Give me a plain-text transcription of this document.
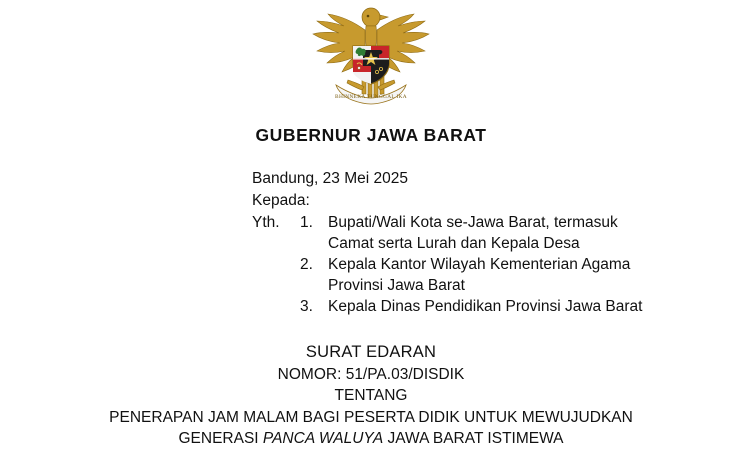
BHINNEKA TUNGGAL IKA
GUBERNUR JAWA BARAT
Bandung, 23 Mei 2025
Kepada:
Yth.	1. Bupati/Wali Kota se-Jawa Barat, termasuk
Camat serta Lurah dan Kepala Desa
2. Kepala Kantor Wilayah Kementerian Agama
Provinsi Jawa Barat
3. Kepala Dinas Pendidikan Provinsi Jawa Barat
SURAT EDARAN
NOMOR: 51/PA.03/DISDIK
TENTANG
PENERAPAN JAM MALAM BAGI PESERTA DIDIK UNTUK MEWUJUDKAN
GENERASI PANCA WALUYA JAWA BARAT ISTIMEWA
